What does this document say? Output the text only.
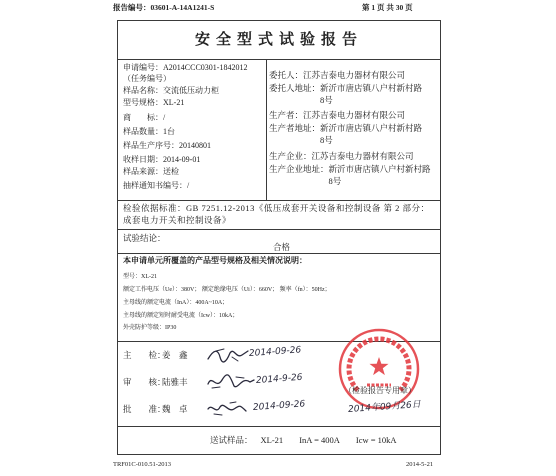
报告编号：03601-A-14A1241-S	第 1 页 共 30 页
安全型式试验报告
申请编号：A2014CCC0301-1842012
（任务编号）
样品名称：交流低压动力柜
型号规格：XL-21
商　　标：/
样品数量：1台
样品生产序号：20140801
收样日期：2014-09-01
样品来源：送检
抽样通知书编号：/
委托人： 江苏吉泰电力器材有限公司
委托人地址： 新沂市唐店镇八户村新村路8号
生产者： 江苏吉泰电力器材有限公司
生产者地址： 新沂市唐店镇八户村新村路8号
生产企业： 江苏吉泰电力器材有限公司
生产企业地址： 新沂市唐店镇八户村新村路8号
检验依据标准：GB 7251.12-2013《低压成套开关设备和控制设备 第 2 部分：成套电力开关和控制设备》
试验结论：
合格
本申请单元所覆盖的产品型号规格及相关情况说明：
型号：XL-21
额定工作电压（Ue）：380V； 额定绝缘电压（Ui）：660V； 频率（fn）：50Hz；
主母线的额定电流（InA）：400A~10A；
主母线的额定短时耐受电流（Icw）：10kA；
外壳防护等级：IP30
主　　检：
姜　鑫	2014-09-26
审　　核：
陆雅丰	2014-9-26
批　　准：
魏　卓	2014-09-26
（检验报告专用章）
2014年09月26日
送试样品： XL-21 InA = 400A Icw = 10kA
TRF01C-010.51-2013	2014-5-21
